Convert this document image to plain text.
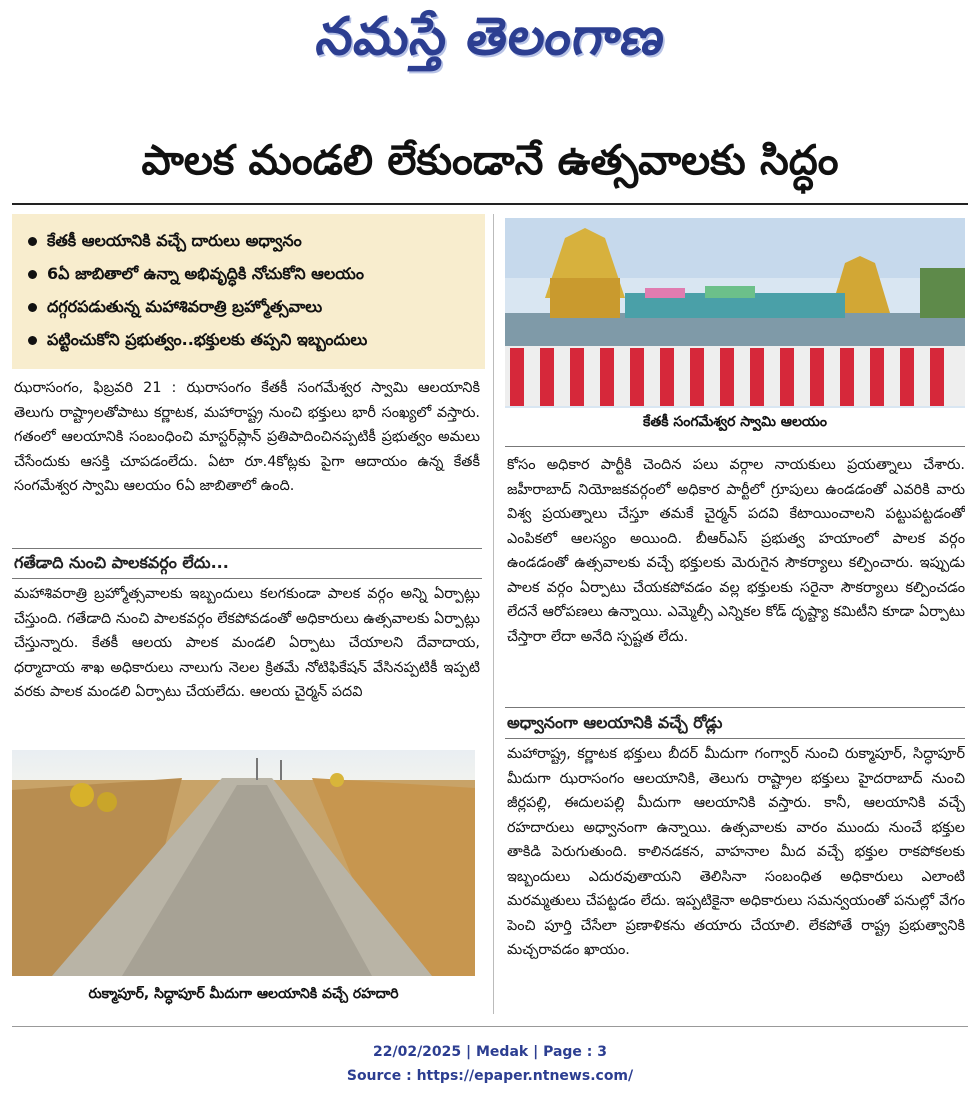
నమస్తే తెలంగాణ
పాలక మండలి లేకుండానే ఉత్సవాలకు సిద్ధం
కేతకీ ఆలయానికి వచ్చే దారులు అధ్వానం
6ఏ జాబితాలో ఉన్నా అభివృద్ధికి నోచుకోని ఆలయం
దగ్గరపడుతున్న మహాశివరాత్రి బ్రహ్మోత్సవాలు
పట్టించుకోని ప్రభుత్వం..భక్తులకు తప్పని ఇబ్బందులు

ఝరాసంగం, ఫిబ్రవరి 21 : ఝరాసంగం కేతకీ సంగమేశ్వర స్వామి ఆలయానికి తెలుగు రాష్ట్రాలతోపాటు కర్ణాటక, మహారాష్ట్ర నుంచి భక్తులు భారీ సంఖ్యలో వస్తారు. గతంలో ఆలయానికి సంబంధించి మాస్టర్‌ప్లాన్ ప్రతిపాదించినప్పటికీ ప్రభుత్వం అమలు చేసేందుకు ఆసక్తి చూపడంలేదు. ఏటా రూ.4కోట్లకు పైగా ఆదాయం ఉన్న కేతకీ సంగమేశ్వర స్వామి ఆలయం 6ఏ జాబితాలో ఉంది.

గతేడాది నుంచి పాలకవర్గం లేదు...

మహాశివరాత్రి బ్రహ్మోత్సవాలకు ఇబ్బందులు కలగకుండా పాలక వర్గం అన్ని ఏర్పాట్లు చేస్తుంది. గతేడాది నుంచి పాలకవర్గం లేకపోవడంతో అధికారులు ఉత్సవాలకు ఏర్పాట్లు చేస్తున్నారు. కేతకీ ఆలయ పాలక మండలి ఏర్పాటు చేయాలని దేవాదాయ, ధర్మాదాయ శాఖ అధికారులు నాలుగు నెలల క్రితమే నోటిఫికేషన్ వేసినప్పటికీ ఇప్పటి వరకు పాలక మండలి ఏర్పాటు చేయలేదు. ఆలయ చైర్మన్ పదవి

రుక్మాపూర్, సిద్ధాపూర్ మీదుగా ఆలయానికి వచ్చే రహదారి
కేతకీ సంగమేశ్వర స్వామి ఆలయం

కోసం అధికార పార్టీకి చెందిన పలు వర్గాల నాయకులు ప్రయత్నాలు చేశారు. జహీరాబాద్ నియోజకవర్గంలో అధికార పార్టీలో గ్రూపులు ఉండడంతో ఎవరికి వారు విశ్వ ప్రయత్నాలు చేస్తూ తమకే చైర్మన్ పదవి కేటాయించాలని పట్టుపట్టడంతో ఎంపికలో ఆలస్యం అయింది. బీఆర్ఎస్ ప్రభుత్వ హయాంలో పాలక వర్గం ఉండడంతో ఉత్సవాలకు వచ్చే భక్తులకు మెరుగైన సౌకర్యాలు కల్పించారు. ఇప్పుడు పాలక వర్గం ఏర్పాటు చేయకపోవడం వల్ల భక్తులకు సరైనా సౌకర్యాలు కల్పించడం లేదనే ఆరోపణలు ఉన్నాయి. ఎమ్మెల్సీ ఎన్నికల కోడ్ దృష్ట్యా కమిటీని కూడా ఏర్పాటు చేస్తారా లేదా అనేది స్పష్టత లేదు.

అధ్వానంగా ఆలయానికి వచ్చే రోడ్లు

మహారాష్ట్ర, కర్ణాటక భక్తులు బీదర్ మీదుగా గంగ్వార్ నుంచి రుక్మాపూర్, సిద్ధాపూర్ మీదుగా ఝరాసంగం ఆలయానికి, తెలుగు రాష్ట్రాల భక్తులు హైదరాబాద్ నుంచి జీర్లపల్లి, ఈదులపల్లి మీదుగా ఆలయానికి వస్తారు. కానీ, ఆలయానికి వచ్చే రహదారులు అధ్వానంగా ఉన్నాయి. ఉత్సవాలకు వారం ముందు నుంచే భక్తుల తాకిడి పెరుగుతుంది. కాలినడకన, వాహనాల మీద వచ్చే భక్తుల రాకపోకలకు ఇబ్బందులు ఎదురవుతాయని తెలిసినా సంబంధిత అధికారులు ఎలాంటి మరమ్మతులు చేపట్టడం లేదు. ఇప్పటికైనా అధికారులు సమన్వయంతో పనుల్లో వేగం పెంచి పూర్తి చేసేలా ప్రణాళికను తయారు చేయాలి. లేకపోతే రాష్ట్ర ప్రభుత్వానికి మచ్చరావడం ఖాయం.

22/02/2025 | Medak | Page : 3
Source : https://epaper.ntnews.com/
